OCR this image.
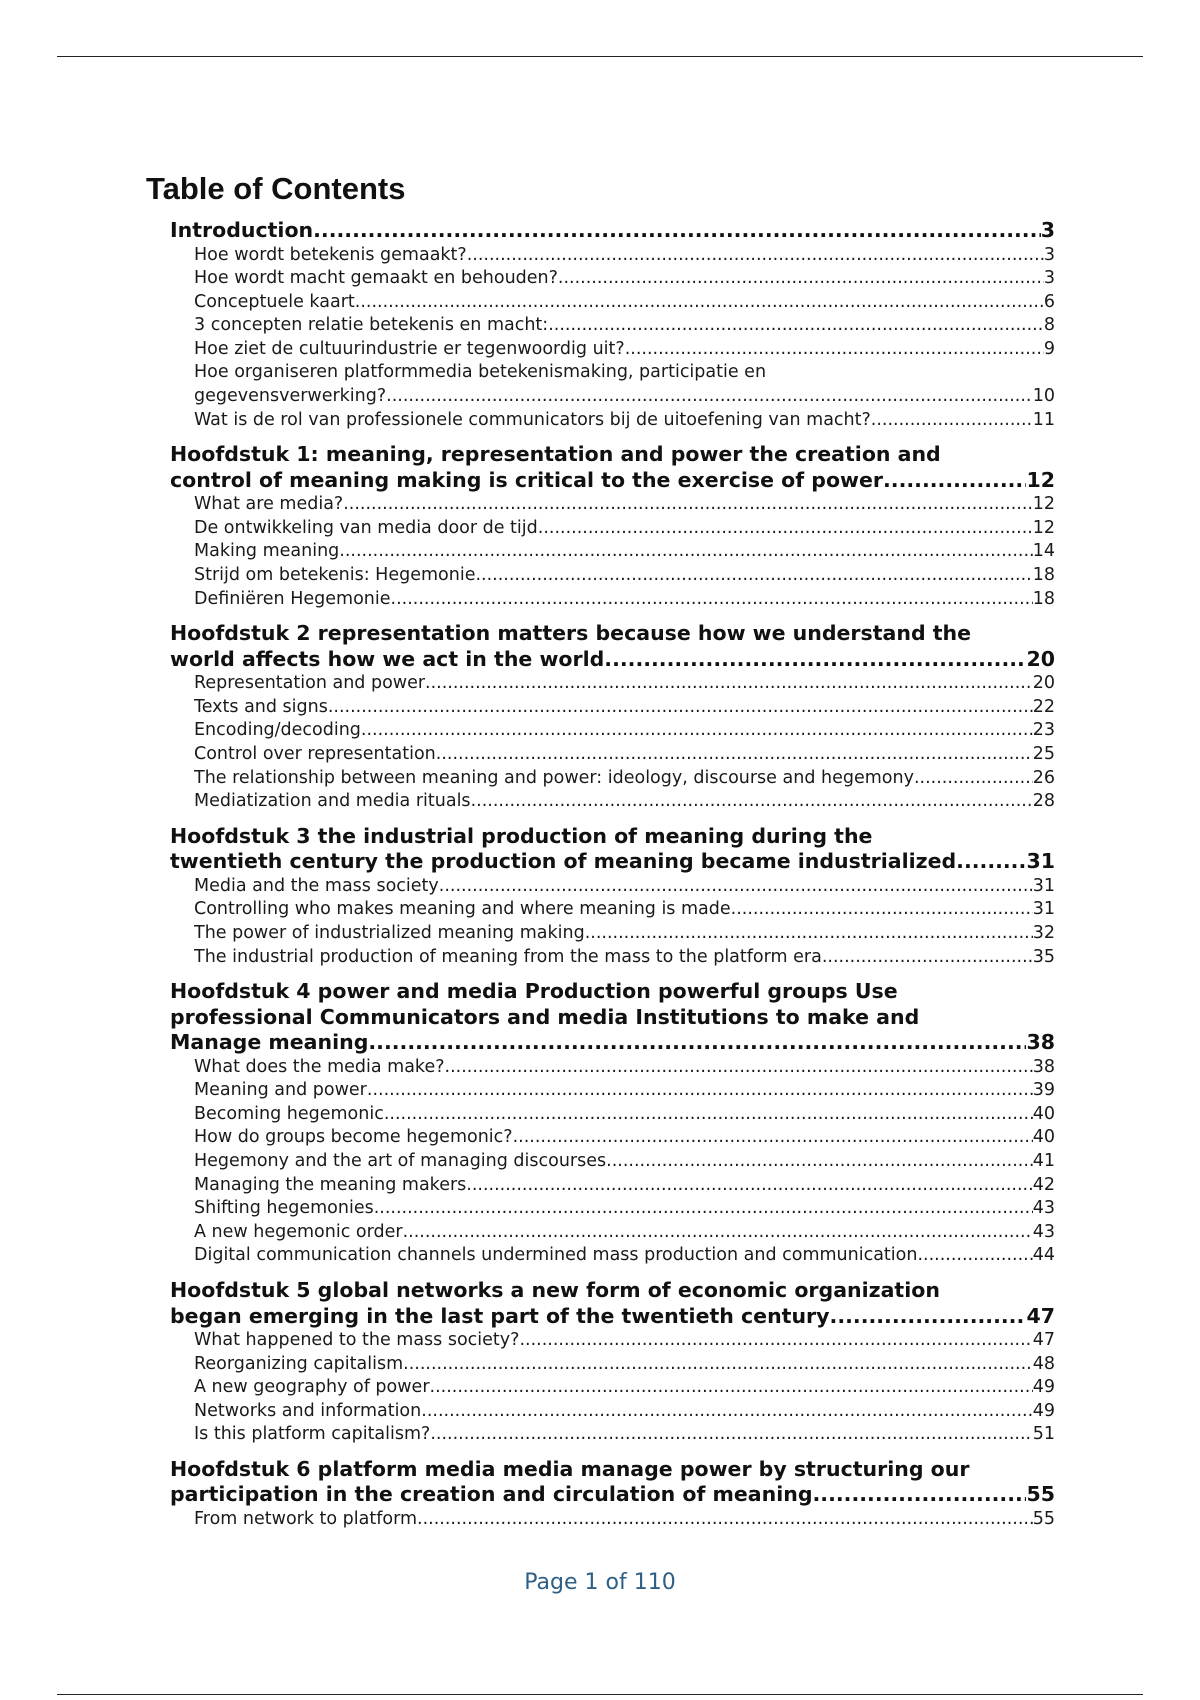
Table of Contents
Introduction .....	3
Hoe wordt betekenis gemaakt? .....	3
Hoe wordt macht gemaakt en behouden? .....	3
Conceptuele kaart .....	6
3 concepten relatie betekenis en macht: .....	8
Hoe ziet de cultuurindustrie er tegenwoordig uit? .....	9
Hoe organiseren platformmedia betekenismaking, participatie en
gegevensverwerking? .....	10
Wat is de rol van professionele communicators bij de uitoefening van macht? .....	11
Hoofdstuk 1: meaning, representation and power the creation and
control of meaning making is critical to the exercise of power .....	12
What are media? .....	12
De ontwikkeling van media door de tijd .....	12
Making meaning .....	14
Strijd om betekenis: Hegemonie .....	18
Definiëren Hegemonie .....	18
Hoofdstuk 2 representation matters because how we understand the
world affects how we act in the world .....	20
Representation and power .....	20
Texts and signs .....	22
Encoding/decoding .....	23
Control over representation .....	25
The relationship between meaning and power: ideology, discourse and hegemony .....	26
Mediatization and media rituals .....	28
Hoofdstuk 3 the industrial production of meaning during the
twentieth century the production of meaning became industrialized .....	31
Media and the mass society .....	31
Controlling who makes meaning and where meaning is made .....	31
The power of industrialized meaning making .....	32
The industrial production of meaning from the mass to the platform era .....	35
Hoofdstuk 4 power and media Production powerful groups Use
professional Communicators and media Institutions to make and
Manage meaning .....	38
What does the media make? .....	38
Meaning and power .....	39
Becoming hegemonic .....	40
How do groups become hegemonic? .....	40
Hegemony and the art of managing discourses .....	41
Managing the meaning makers .....	42
Shifting hegemonies .....	43
A new hegemonic order .....	43
Digital communication channels undermined mass production and communication .....	44
Hoofdstuk 5 global networks a new form of economic organization
began emerging in the last part of the twentieth century .....	47
What happened to the mass society? .....	47
Reorganizing capitalism .....	48
A new geography of power .....	49
Networks and information .....	49
Is this platform capitalism? .....	51
Hoofdstuk 6 platform media media manage power by structuring our
participation in the creation and circulation of meaning .....	55
From network to platform .....	55
Page 1 of 110
